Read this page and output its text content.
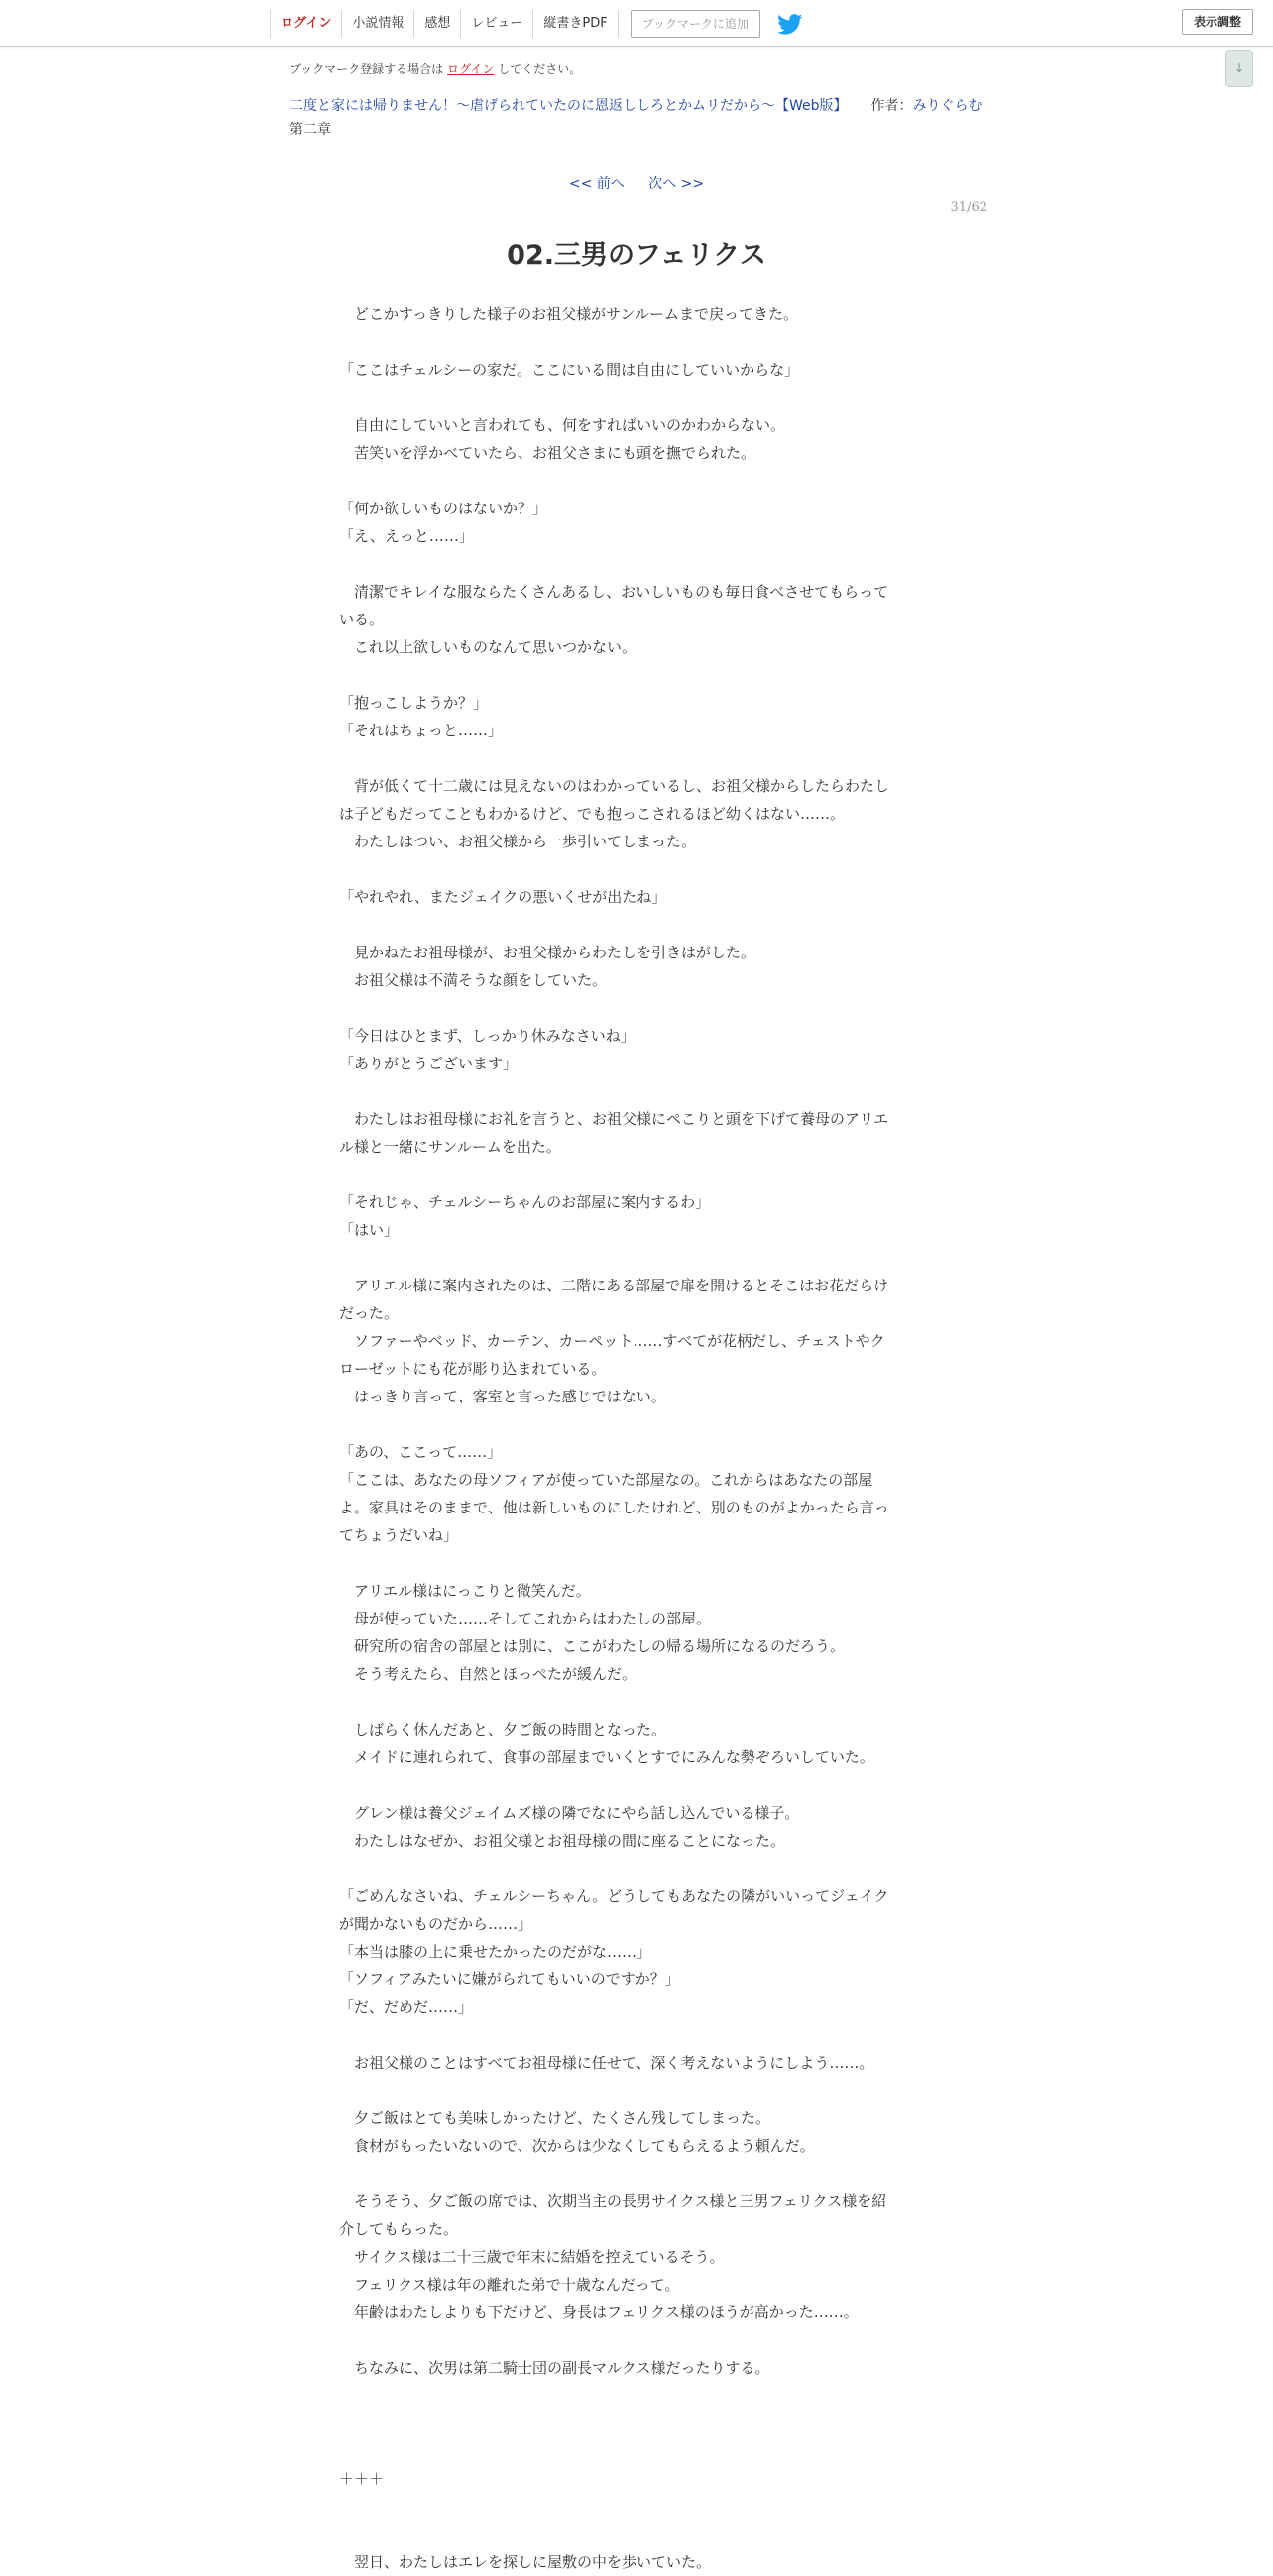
ログイン	小説情報	感想	レビュー	縦書きPDF	ブックマークに追加	表示調整
↓
ブックマーク登録する場合は ログイン してください。
二度と家には帰りません！～虐げられていたのに恩返ししろとかムリだから～【Web版】 作者：みりぐらむ
第二章
<< 前へ 次へ >>
31/62
02.三男のフェリクス

　どこかすっきりした様子のお祖父様がサンルームまで戻ってきた。

「ここはチェルシーの家だ。ここにいる間は自由にしていいからな」

　自由にしていいと言われても、何をすればいいのかわからない。

　苦笑いを浮かべていたら、お祖父さまにも頭を撫でられた。

「何か欲しいものはないか？」

「え、えっと……」

　清潔でキレイな服ならたくさんあるし、おいしいものも毎日食べさせてもらって

いる。

　これ以上欲しいものなんて思いつかない。

「抱っこしようか？」

「それはちょっと……」

　背が低くて十二歳には見えないのはわかっているし、お祖父様からしたらわたし

は子どもだってこともわかるけど、でも抱っこされるほど幼くはない……。

　わたしはつい、お祖父様から一歩引いてしまった。

「やれやれ、またジェイクの悪いくせが出たね」

　見かねたお祖母様が、お祖父様からわたしを引きはがした。

　お祖父様は不満そうな顔をしていた。

「今日はひとまず、しっかり休みなさいね」

「ありがとうございます」

　わたしはお祖母様にお礼を言うと、お祖父様にペこりと頭を下げて養母のアリエ

ル様と一緒にサンルームを出た。

「それじゃ、チェルシーちゃんのお部屋に案内するわ」

「はい」

　アリエル様に案内されたのは、二階にある部屋で扉を開けるとそこはお花だらけ

だった。

　ソファーやベッド、カーテン、カーペット……すべてが花柄だし、チェストやク

ローゼットにも花が彫り込まれている。

　はっきり言って、客室と言った感じではない。

「あの、ここって……」

「ここは、あなたの母ソフィアが使っていた部屋なの。これからはあなたの部屋

よ。家具はそのままで、他は新しいものにしたけれど、別のものがよかったら言っ

てちょうだいね」

　アリエル様はにっこりと微笑んだ。

　母が使っていた……そしてこれからはわたしの部屋。

　研究所の宿舎の部屋とは別に、ここがわたしの帰る場所になるのだろう。

　そう考えたら、自然とほっぺたが緩んだ。

　しばらく休んだあと、夕ご飯の時間となった。

　メイドに連れられて、食事の部屋までいくとすでにみんな勢ぞろいしていた。

　グレン様は養父ジェイムズ様の隣でなにやら話し込んでいる様子。

　わたしはなぜか、お祖父様とお祖母様の間に座ることになった。

「ごめんなさいね、チェルシーちゃん。どうしてもあなたの隣がいいってジェイク

が聞かないものだから……」

「本当は膝の上に乗せたかったのだがな……」

「ソフィアみたいに嫌がられてもいいのですか？」

「だ、だめだ……」

　お祖父様のことはすべてお祖母様に任せて、深く考えないようにしよう……。

　夕ご飯はとても美味しかったけど、たくさん残してしまった。

　食材がもったいないので、次からは少なくしてもらえるよう頼んだ。

　そうそう、夕ご飯の席では、次期当主の長男サイクス様と三男フェリクス様を紹

介してもらった。

　サイクス様は二十三歳で年末に結婚を控えているそう。

　フェリクス様は年の離れた弟で十歳なんだって。

　年齢はわたしよりも下だけど、身長はフェリクス様のほうが高かった……。

　ちなみに、次男は第二騎士団の副長マルクス様だったりする。

＋＋＋

　翌日、わたしはエレを探しに屋敷の中を歩いていた。
